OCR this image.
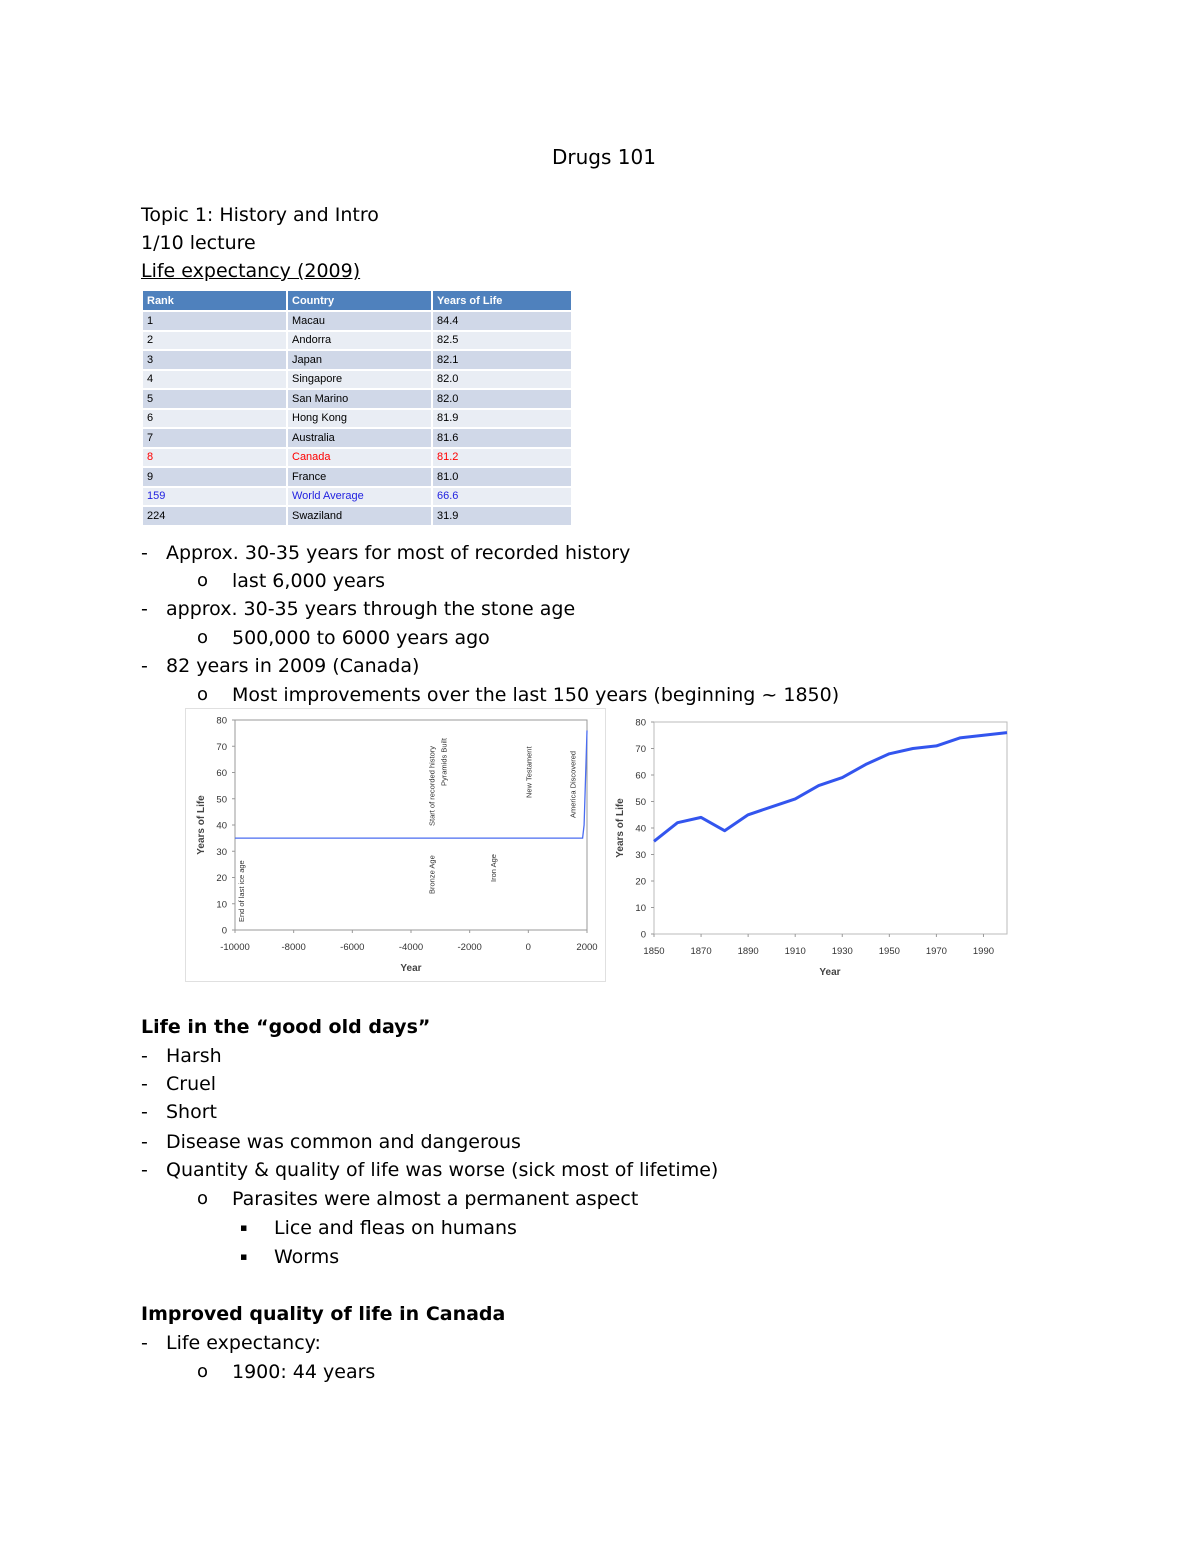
Drugs 101
Topic 1: History and Intro
1/10 lecture
Life expectancy (2009)
Rank	Country	Years of Life
1	Macau	84.4
2	Andorra	82.5
3	Japan	82.1
4	Singapore	82.0
5	San Marino	82.0
6	Hong Kong	81.9
7	Australia	81.6
8	Canada	81.2
9	France	81.0
159	World Average	66.6
224	Swaziland	31.9
- Approx. 30-35 years for most of recorded history
o last 6,000 years
- approx. 30-35 years through the stone age
o 500,000 to 6000 years ago
- 82 years in 2009 (Canada)
o Most improvements over the last 150 years (beginning ~ 1850)
0
10
20
30
40
50
60
70
80
-10000	-8000	-6000	-4000	-2000	0	2000
End of last ice age	Bronze Age
Start of recorded history Pyramids Built
Iron Age
New Testament	America Discovered
Year
Years of Life
0
10
20
30
40
50
60
70
80
1850	1870	1890	1910	1930	1950	1970	1990
Year
Years of Life
Life in the “good old days”
- Harsh
- Cruel
- Short
- Disease was common and dangerous
- Quantity & quality of life was worse (sick most of lifetime)
o Parasites were almost a permanent aspect
▪ Lice and fleas on humans
▪ Worms
Improved quality of life in Canada
- Life expectancy:
o 1900: 44 years
